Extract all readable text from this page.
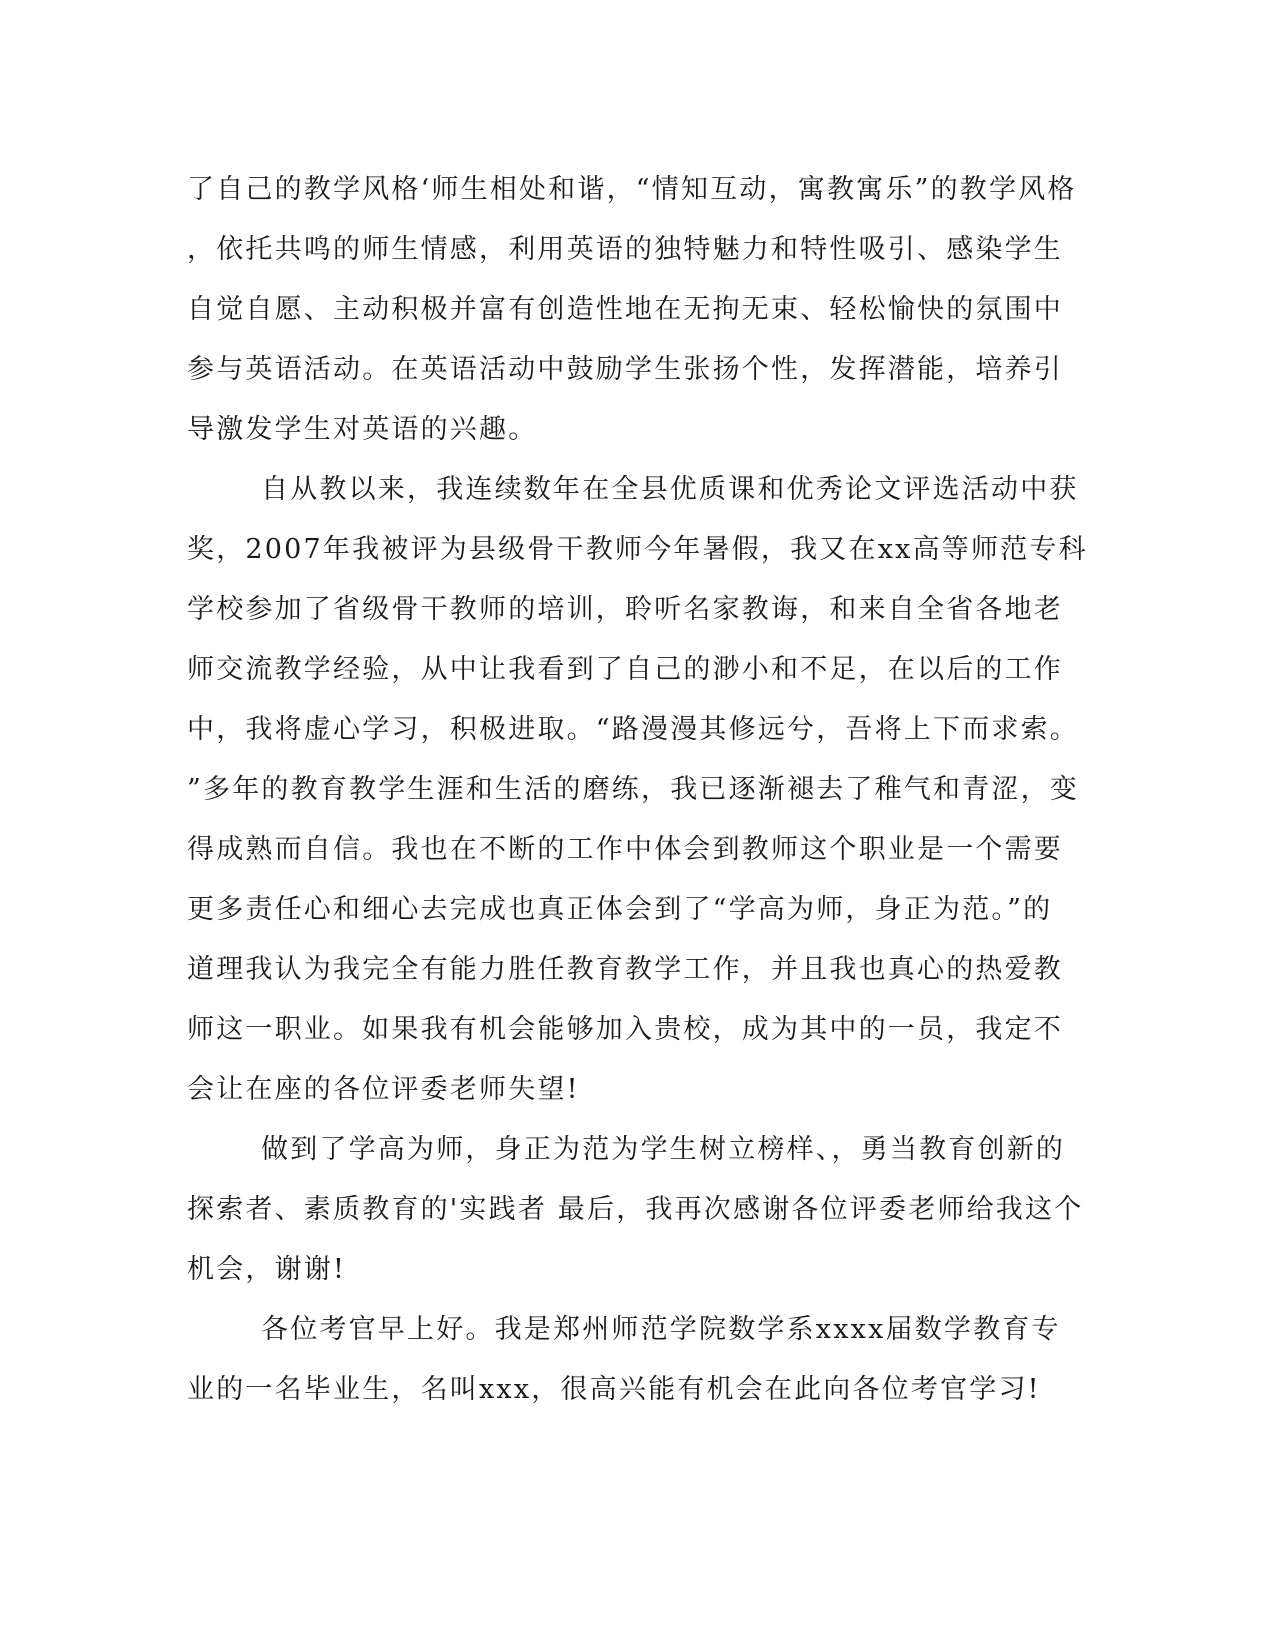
了自己的教学风格‘师生相处和谐，“情知互动，寓教寓乐”的教学风格
，依托共鸣的师生情感，利用英语的独特魅力和特性吸引、感染学生
自觉自愿、主动积极并富有创造性地在无拘无束、轻松愉快的氛围中
参与英语活动。在英语活动中鼓励学生张扬个性，发挥潜能，培养引
导激发学生对英语的兴趣。
自从教以来，我连续数年在全县优质课和优秀论文评选活动中获
奖，2007年我被评为县级骨干教师今年暑假，我又在xx高等师范专科
学校参加了省级骨干教师的培训，聆听名家教诲，和来自全省各地老
师交流教学经验，从中让我看到了自己的渺小和不足，在以后的工作
中，我将虚心学习，积极进取。“路漫漫其修远兮，吾将上下而求索。
”多年的教育教学生涯和生活的磨练，我已逐渐褪去了稚气和青涩，变
得成熟而自信。我也在不断的工作中体会到教师这个职业是一个需要
更多责任心和细心去完成也真正体会到了“学高为师，身正为范。”的
道理我认为我完全有能力胜任教育教学工作，并且我也真心的热爱教
师这一职业。如果我有机会能够加入贵校，成为其中的一员，我定不
会让在座的各位评委老师失望!
做到了学高为师，身正为范为学生树立榜样、，勇当教育创新的
探索者、素质教育的'实践者 最后，我再次感谢各位评委老师给我这个
机会，谢谢!
各位考官早上好。我是郑州师范学院数学系xxxx届数学教育专
业的一名毕业生，名叫xxx，很高兴能有机会在此向各位考官学习!
